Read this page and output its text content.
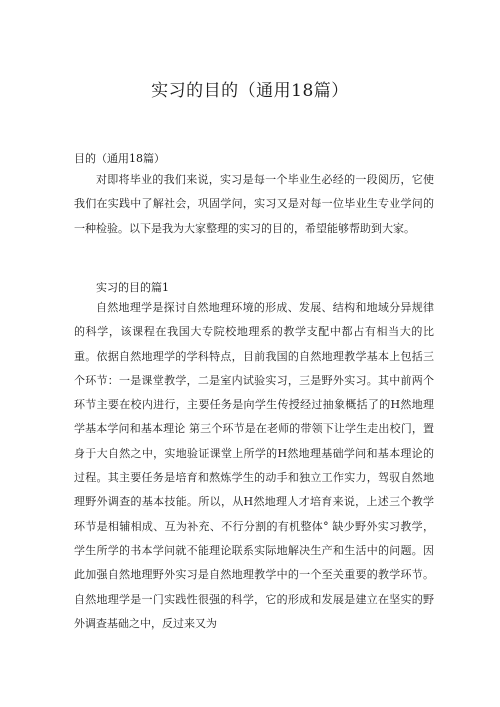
实习的目的（通用18篇）
目的（通用18篇）

对即将毕业的我们来说，实习是每一个毕业生必经的一段阅历，它使我们在实践中了解社会，巩固学问，实习又是对每一位毕业生专业学问的一种检验。以下是我为大家整理的实习的目的，希望能够帮助到大家。

实习的目的篇1

自然地理学是探讨自然地理环境的形成、发展、结构和地域分异规律的科学，该课程在我国大专院校地理系的教学支配中都占有相当大的比重。依据自然地理学的学科特点，目前我国的自然地理教学基本上包括三个环节：一是课堂教学，二是室内试验实习，三是野外实习。其中前两个环节主要在校内进行，主要任务是向学生传授经过抽象概括了的H然地理学基本学问和基本理论 第三个环节是在老师的带领下让学生走出校门，置身于大自然之中，实地验证课堂上所学的H然地理基础学问和基本理论的过程。其主要任务是培育和熬炼学生的动手和独立工作实力，驾驭自然地理野外调查的基本技能。所以，从H然地理人才培育来说，上述三个教学环节是相辅相成、互为补充、不行分割的有机整体° 缺少野外实习教学，学生所学的书本学问就不能理论联系实际地解决生产和生活中的问题。因此加强自然地理野外实习是自然地理教学中的一个至关重要的教学环节。自然地理学是一门实践性很强的科学，它的形成和发展是建立在坚实的野外调查基础之中，反过来又为
